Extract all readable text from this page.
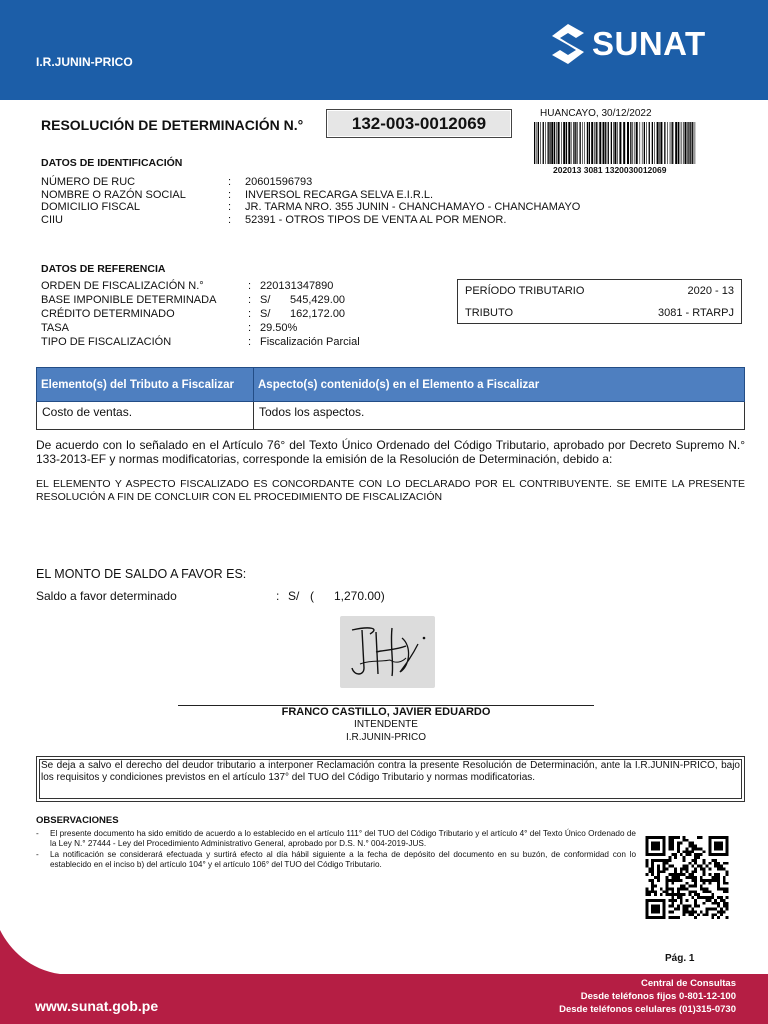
I.R.JUNIN-PRICO	SUNAT
RESOLUCIÓN DE DETERMINACIÓN N.°	132-003-0012069
HUANCAYO, 30/12/2022
202013 3081 1320030012069
DATOS DE IDENTIFICACIÓN
NÚMERO DE RUC	:	20601596793
NOMBRE O RAZÓN SOCIAL	:	INVERSOL RECARGA SELVA E.I.R.L.
DOMICILIO FISCAL	:	JR. TARMA NRO. 355 JUNIN - CHANCHAMAYO - CHANCHAMAYO
CIIU	:	52391 - OTROS TIPOS DE VENTA AL POR MENOR.
DATOS DE REFERENCIA
ORDEN DE FISCALIZACIÓN N.°	: 220131347890
BASE IMPONIBLE DETERMINADA	: S/ 545,429.00
CRÉDITO DETERMINADO	: S/ 162,172.00
TASA	: 29.50%
TIPO DE FISCALIZACIÓN	: Fiscalización Parcial
PERÍODO TRIBUTARIO	2020 - 13
TRIBUTO	3081 - RTARPJ
Elemento(s) del Tributo a Fiscalizar	Aspecto(s) contenido(s) en el Elemento a Fiscalizar
Costo de ventas.	Todos los aspectos.
De acuerdo con lo señalado en el Artículo 76° del Texto Único Ordenado del Código Tributario, aprobado por Decreto Supremo N.° 133-2013-EF y normas modificatorias, corresponde la emisión de la Resolución de Determinación, debido a:
EL ELEMENTO Y ASPECTO FISCALIZADO ES CONCORDANTE CON LO DECLARADO POR EL CONTRIBUYENTE. SE EMITE LA PRESENTE RESOLUCIÓN A FIN DE CONCLUIR CON EL PROCEDIMIENTO DE FISCALIZACIÓN
EL MONTO DE SALDO A FAVOR ES:
Saldo a favor determinado	: S/ (      1,270.00)
FRANCO CASTILLO, JAVIER EDUARDO
INTENDENTE
I.R.JUNIN-PRICO
Se deja a salvo el derecho del deudor tributario a interponer Reclamación contra la presente Resolución de Determinación, ante la I.R.JUNIN-PRICO, bajo los requisitos y condiciones previstos en el artículo 137° del TUO del Código Tributario y normas modificatorias.
OBSERVACIONES
-	El presente documento ha sido emitido de acuerdo a lo establecido en el artículo 111° del TUO del Código Tributario y el artículo 4° del Texto Único Ordenado de la Ley N.° 27444 - Ley del Procedimiento Administrativo General, aprobado por D.S. N.° 004-2019-JUS.
-	La notificación se considerará efectuada y surtirá efecto al día hábil siguiente a la fecha de depósito del documento en su buzón, de conformidad con lo establecido en el inciso b) del artículo 104° y el artículo 106° del TUO del Código Tributario.
Pág. 1
www.sunat.gob.pe
Central de Consultas
Desde teléfonos fijos 0-801-12-100
Desde teléfonos celulares (01)315-0730
